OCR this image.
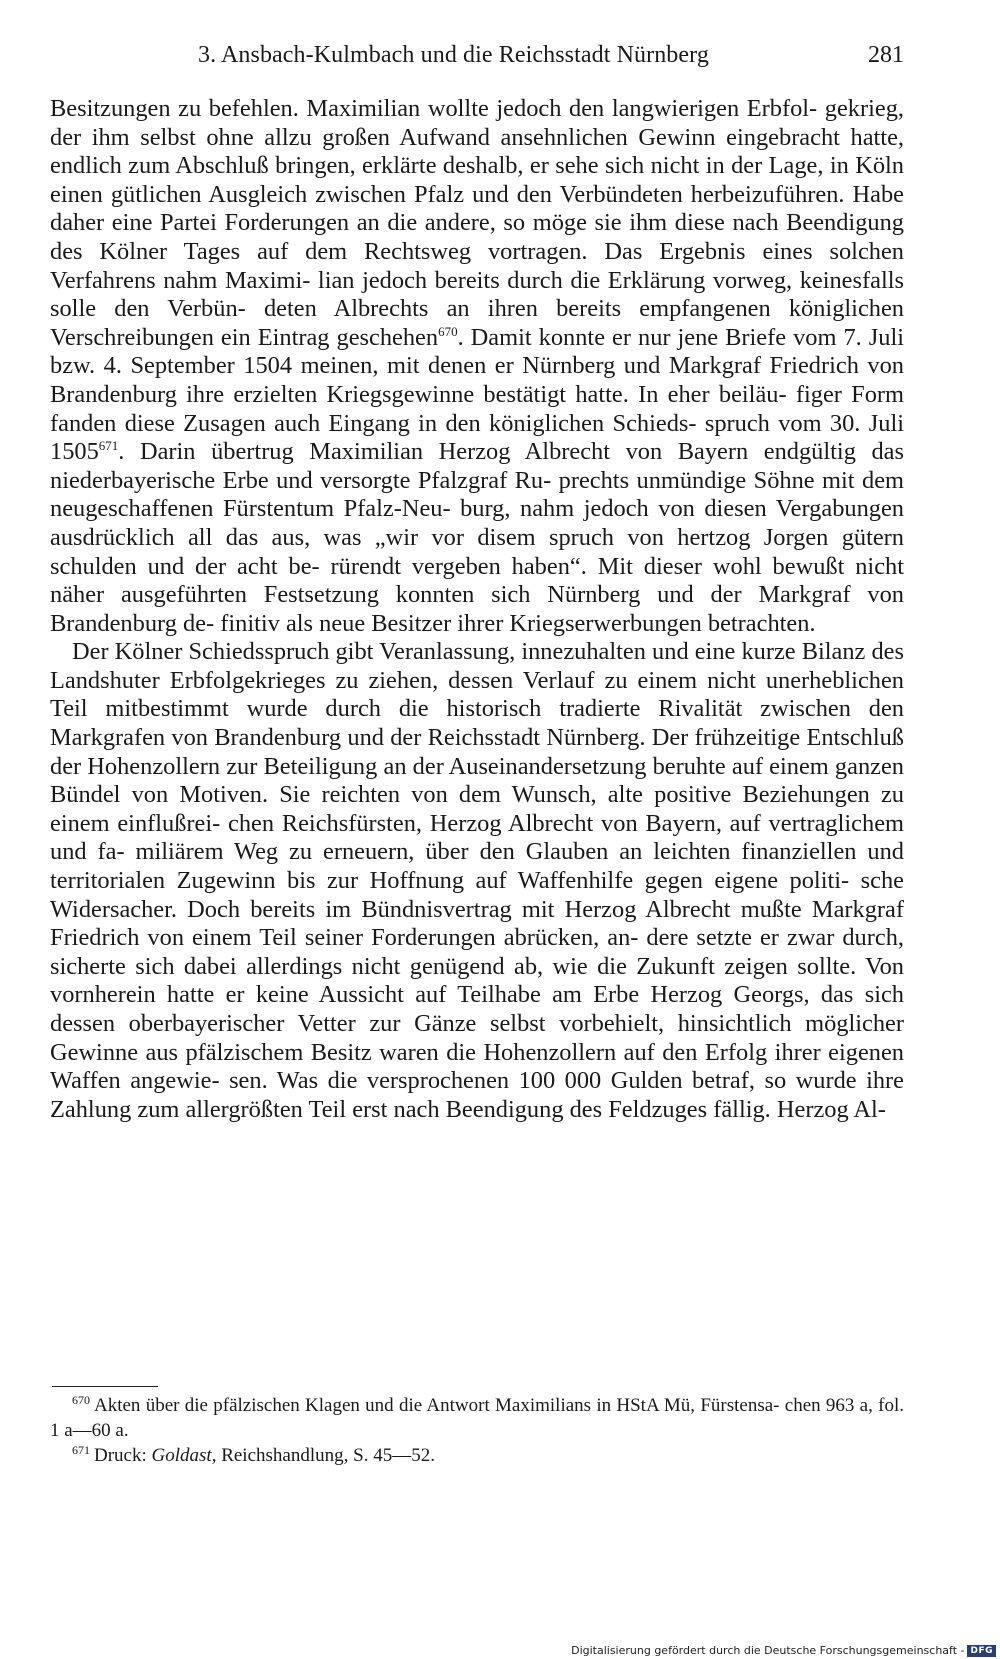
3. Ansbach-Kulmbach und die Reichsstadt Nürnberg	281

Besitzungen zu befehlen. Maximilian wollte jedoch den langwierigen Erbfol- gekrieg, der ihm selbst ohne allzu großen Aufwand ansehnlichen Gewinn eingebracht hatte, endlich zum Abschluß bringen, erklärte deshalb, er sehe sich nicht in der Lage, in Köln einen gütlichen Ausgleich zwischen Pfalz und den Verbündeten herbeizuführen. Habe daher eine Partei Forderungen an die andere, so möge sie ihm diese nach Beendigung des Kölner Tages auf dem Rechtsweg vortragen. Das Ergebnis eines solchen Verfahrens nahm Maximi- lian jedoch bereits durch die Erklärung vorweg, keinesfalls solle den Verbün- deten Albrechts an ihren bereits empfangenen königlichen Verschreibungen ein Eintrag geschehen$^{670}$. Damit konnte er nur jene Briefe vom 7. Juli bzw. 4. September 1504 meinen, mit denen er Nürnberg und Markgraf Friedrich von Brandenburg ihre erzielten Kriegsgewinne bestätigt hatte. In eher beiläu- figer Form fanden diese Zusagen auch Eingang in den königlichen Schieds- spruch vom 30. Juli 1505$^{671}$. Darin übertrug Maximilian Herzog Albrecht von Bayern endgültig das niederbayerische Erbe und versorgte Pfalzgraf Ru- prechts unmündige Söhne mit dem neugeschaffenen Fürstentum Pfalz-Neu- burg, nahm jedoch von diesen Vergabungen ausdrücklich all das aus, was „wir vor disem spruch von hertzog Jorgen gütern schulden und der acht be- rürendt vergeben haben“. Mit dieser wohl bewußt nicht näher ausgeführten Festsetzung konnten sich Nürnberg und der Markgraf von Brandenburg de- finitiv als neue Besitzer ihrer Kriegserwerbungen betrachten.

Der Kölner Schiedsspruch gibt Veranlassung, innezuhalten und eine kurze Bilanz des Landshuter Erbfolgekrieges zu ziehen, dessen Verlauf zu einem nicht unerheblichen Teil mitbestimmt wurde durch die historisch tradierte Rivalität zwischen den Markgrafen von Brandenburg und der Reichsstadt Nürnberg. Der frühzeitige Entschluß der Hohenzollern zur Beteiligung an der Auseinandersetzung beruhte auf einem ganzen Bündel von Motiven. Sie reichten von dem Wunsch, alte positive Beziehungen zu einem einflußrei- chen Reichsfürsten, Herzog Albrecht von Bayern, auf vertraglichem und fa- miliärem Weg zu erneuern, über den Glauben an leichten finanziellen und territorialen Zugewinn bis zur Hoffnung auf Waffenhilfe gegen eigene politi- sche Widersacher. Doch bereits im Bündnisvertrag mit Herzog Albrecht mußte Markgraf Friedrich von einem Teil seiner Forderungen abrücken, an- dere setzte er zwar durch, sicherte sich dabei allerdings nicht genügend ab, wie die Zukunft zeigen sollte. Von vornherein hatte er keine Aussicht auf Teilhabe am Erbe Herzog Georgs, das sich dessen oberbayerischer Vetter zur Gänze selbst vorbehielt, hinsichtlich möglicher Gewinne aus pfälzischem Besitz waren die Hohenzollern auf den Erfolg ihrer eigenen Waffen angewie- sen. Was die versprochenen 100 000 Gulden betraf, so wurde ihre Zahlung zum allergrößten Teil erst nach Beendigung des Feldzuges fällig. Herzog Al-

$^{670}$ Akten über die pfälzischen Klagen und die Antwort Maximilians in HStA Mü, Fürstensa- chen 963 a, fol. 1 a—60 a.

$^{671}$ Druck: Goldast, Reichshandlung, S. 45—52.

Digitalisierung gefördert durch die Deutsche Forschungsgemeinschaft - DFG
